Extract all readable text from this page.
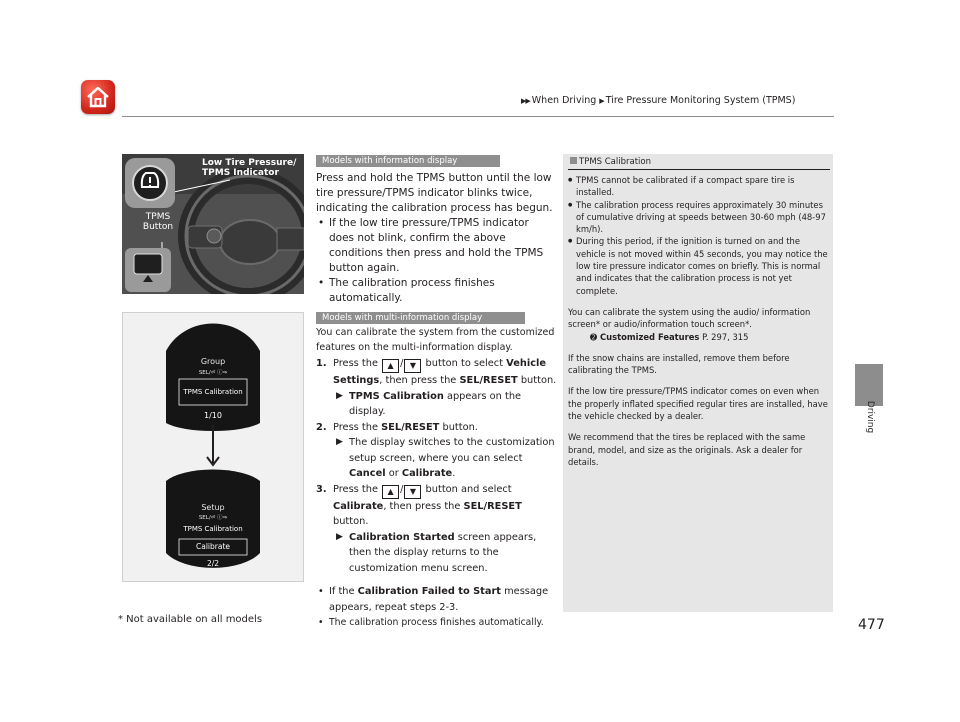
▶▶ When Driving ▶ Tire Pressure Monitoring System (TPMS)
Driving
Low Tire Pressure/
TPMS Indicator
TPMS
Button
Group
SEL/⏎ ⓘ⇒
TPMS Calibration
1/10
Setup
SEL/⏎ ⓘ⇒
TPMS Calibration
Calibrate
2/2
Models with information display
Press and hold the TPMS button until the low tire pressure/TPMS indicator blinks twice, indicating the calibration process has begun.
• If the low tire pressure/TPMS indicator does not blink, confirm the above conditions then press and hold the TPMS button again.
• The calibration process finishes automatically.
Models with multi-information display
You can calibrate the system from the customized features on the multi-information display.
1. Press the ▲ / ▼ button to select Vehicle Settings, then press the SEL/RESET button.
▶ TPMS Calibration appears on the display.
2. Press the SEL/RESET button.
▶ The display switches to the customization setup screen, where you can select Cancel or Calibrate.
3. Press the ▲ / ▼ button and select Calibrate, then press the SEL/RESET button.
▶ Calibration Started screen appears, then the display returns to the customization menu screen.
• If the Calibration Failed to Start message appears, repeat steps 2-3.
• The calibration process finishes automatically.
TPMS Calibration
● TPMS cannot be calibrated if a compact spare tire is installed.
● The calibration process requires approximately 30 minutes of cumulative driving at speeds between 30-60 mph (48-97 km/h).
● During this period, if the ignition is turned on and the vehicle is not moved within 45 seconds, you may notice the low tire pressure indicator comes on briefly. This is normal and indicates that the calibration process is not yet complete.
You can calibrate the system using the audio/ information screen* or audio/information touch screen*.
➋ Customized Features P. 297, 315
If the snow chains are installed, remove them before calibrating the TPMS.
If the low tire pressure/TPMS indicator comes on even when the properly inflated specified regular tires are installed, have the vehicle checked by a dealer.
We recommend that the tires be replaced with the same brand, model, and size as the originals. Ask a dealer for details.
* Not available on all models	477
